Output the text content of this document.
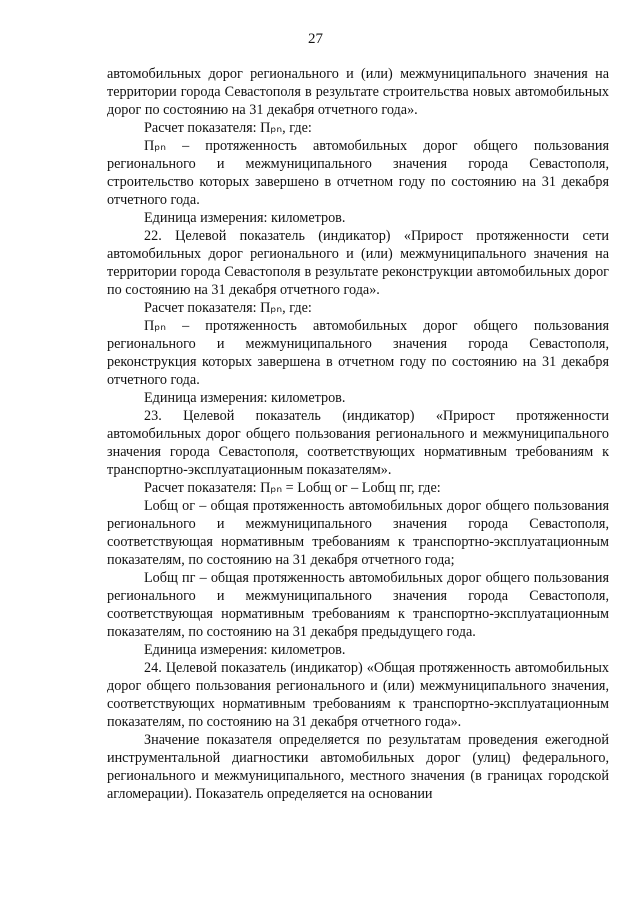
27

автомобильных дорог регионального и (или) межмуниципального значения на территории города Севастополя в результате строительства новых автомобильных дорог по состоянию на 31 декабря отчетного года».

Расчет показателя: Пₚₙ, где:

Пₚₙ – протяженность автомобильных дорог общего пользования регионального и межмуниципального значения города Севастополя, строительство которых завершено в отчетном году по состоянию на 31 декабря отчетного года.

Единица измерения: километров.

22. Целевой показатель (индикатор) «Прирост протяженности сети автомобильных дорог регионального и (или) межмуниципального значения на территории города Севастополя в результате реконструкции автомобильных дорог по состоянию на 31 декабря отчетного года».

Расчет показателя: Пₚₙ, где:

Пₚₙ – протяженность автомобильных дорог общего пользования регионального и межмуниципального значения города Севастополя, реконструкция которых завершена в отчетном году по состоянию на 31 декабря отчетного года.

Единица измерения: километров.

23. Целевой показатель (индикатор) «Прирост протяженности автомобильных дорог общего пользования регионального и межмуниципального значения города Севастополя, соответствующих нормативным требованиям к транспортно-эксплуатационным показателям».

Расчет показателя: Пₚₙ = Lобщ ог – Lобщ пг, где:

Lобщ ог – общая протяженность автомобильных дорог общего пользования регионального и межмуниципального значения города Севастополя, соответствующая нормативным требованиям к транспортно-эксплуатационным показателям, по состоянию на 31 декабря отчетного года;

Lобщ пг – общая протяженность автомобильных дорог общего пользования регионального и межмуниципального значения города Севастополя, соответствующая нормативным требованиям к транспортно-эксплуатационным показателям, по состоянию на 31 декабря предыдущего года.

Единица измерения: километров.

24. Целевой показатель (индикатор) «Общая протяженность автомобильных дорог общего пользования регионального и (или) межмуниципального значения, соответствующих нормативным требованиям к транспортно-эксплуатационным показателям, по состоянию на 31 декабря отчетного года».

Значение показателя определяется по результатам проведения ежегодной инструментальной диагностики автомобильных дорог (улиц) федерального, регионального и межмуниципального, местного значения (в границах городской агломерации). Показатель определяется на основании
